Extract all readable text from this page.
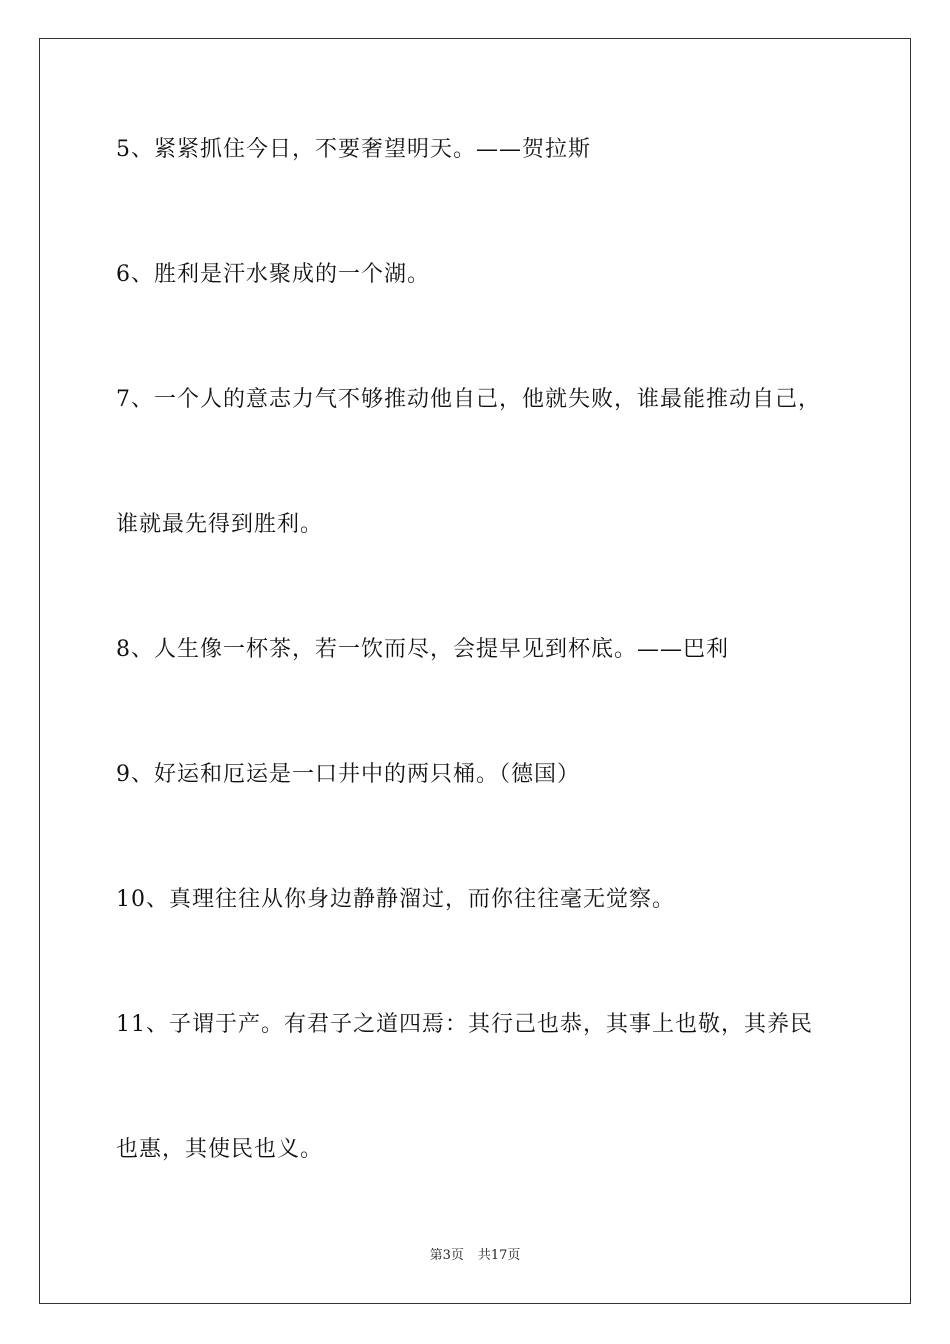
5、紧紧抓住今日，不要奢望明天。——贺拉斯
6、胜利是汗水聚成的一个湖。
7、一个人的意志力气不够推动他自己，他就失败，谁最能推动自己，
谁就最先得到胜利。
8、人生像一杯茶，若一饮而尽，会提早见到杯底。——巴利
9、好运和厄运是一口井中的两只桶。（德国）
10、真理往往从你身边静静溜过，而你往往毫无觉察。
11、子谓于产。有君子之道四焉：其行己也恭，其事上也敬，其养民
也惠，其使民也义。
第3页 共17页
